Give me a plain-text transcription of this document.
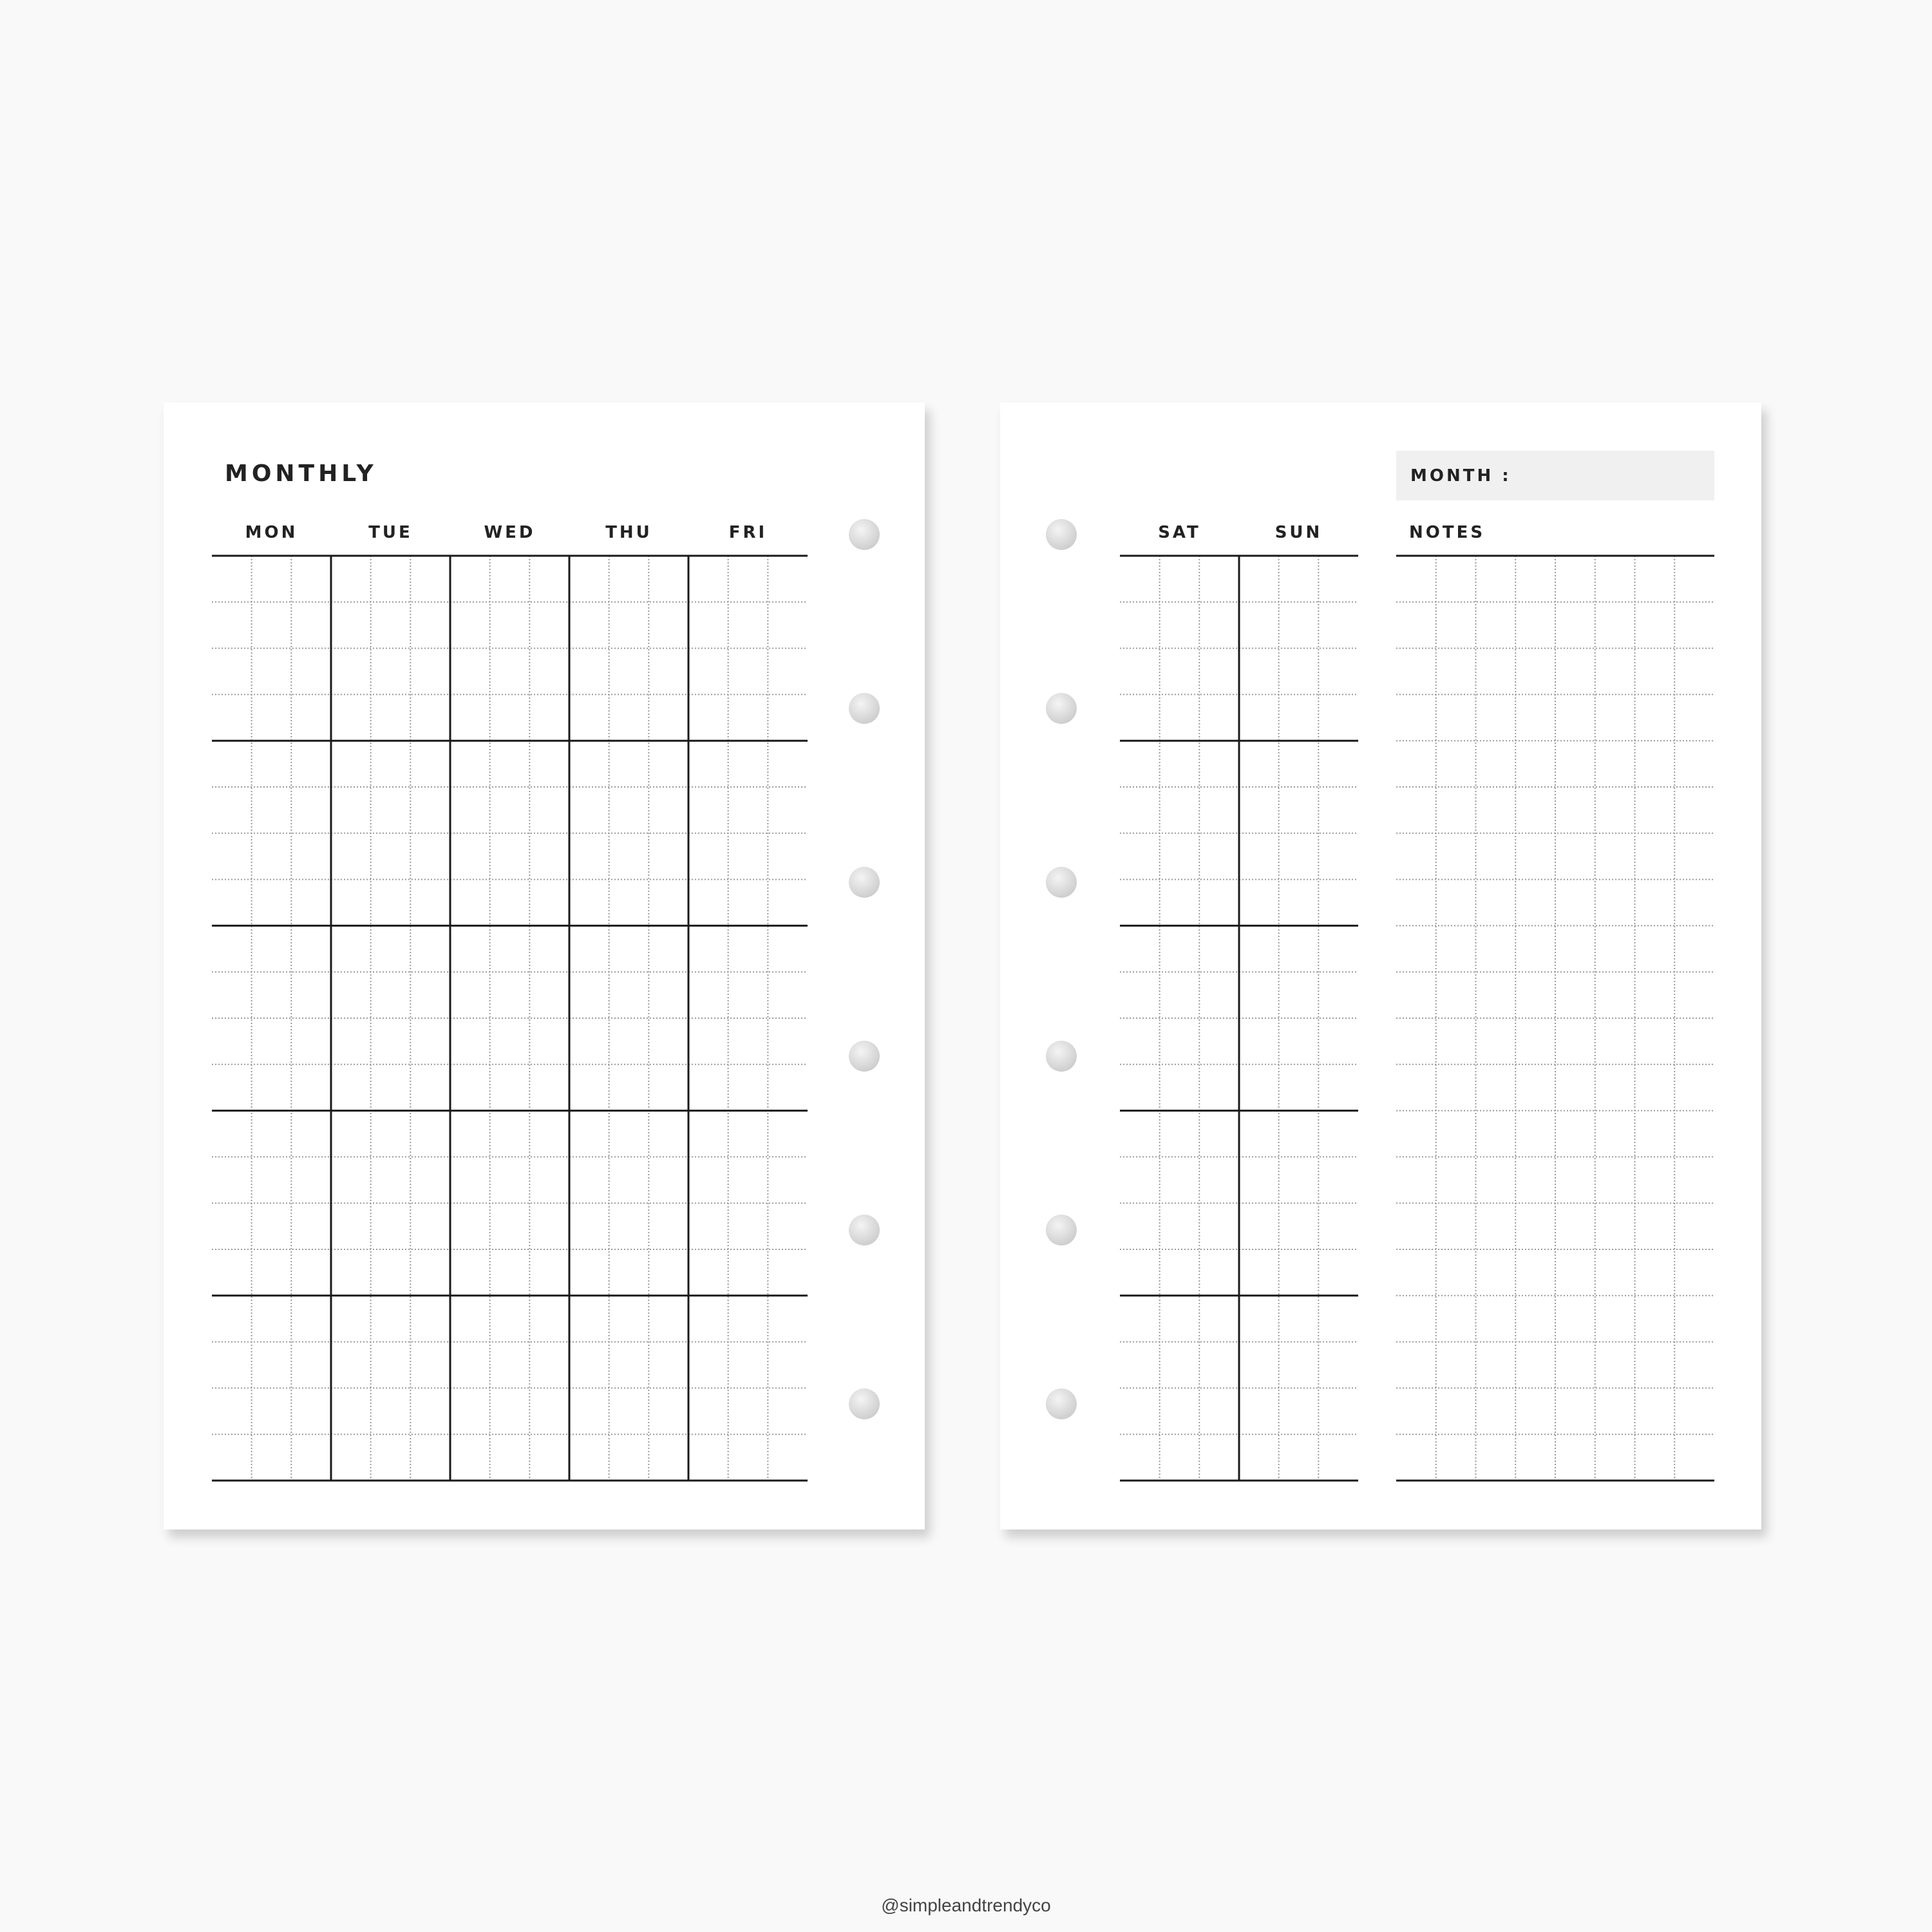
MONTHLY
MON	TUE	WED	THU	FRI
MONTH :
SAT	SUN	NOTES
@simpleandtrendyco
